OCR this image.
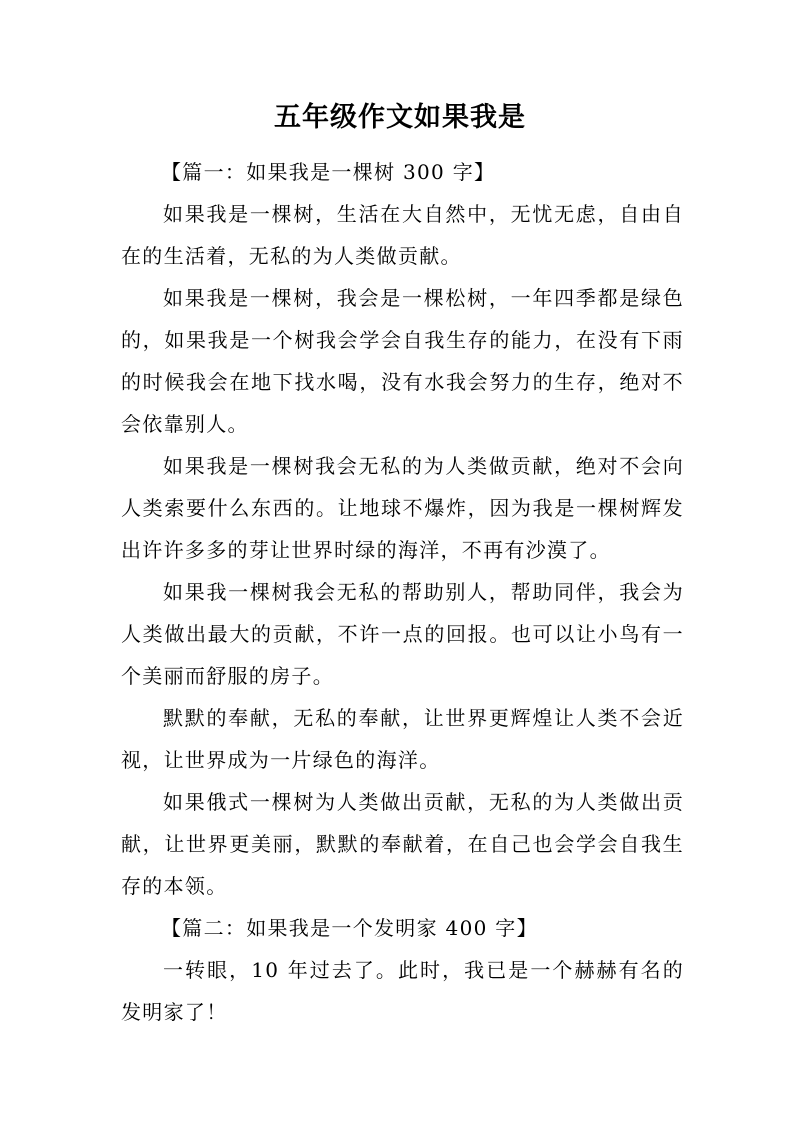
五年级作文如果我是

【篇一：如果我是一棵树 300 字】

如果我是一棵树，生活在大自然中，无忧无虑，自由自在的生活着，无私的为人类做贡献。

如果我是一棵树，我会是一棵松树，一年四季都是绿色的，如果我是一个树我会学会自我生存的能力，在没有下雨的时候我会在地下找水喝，没有水我会努力的生存，绝对不会依靠别人。

如果我是一棵树我会无私的为人类做贡献，绝对不会向人类索要什么东西的。让地球不爆炸，因为我是一棵树辉发出许许多多的芽让世界时绿的海洋，不再有沙漠了。

如果我一棵树我会无私的帮助别人，帮助同伴，我会为人类做出最大的贡献，不许一点的回报。也可以让小鸟有一个美丽而舒服的房子。

默默的奉献，无私的奉献，让世界更辉煌让人类不会近视，让世界成为一片绿色的海洋。

如果俄式一棵树为人类做出贡献，无私的为人类做出贡献，让世界更美丽，默默的奉献着，在自己也会学会自我生存的本领。

【篇二：如果我是一个发明家 400 字】

一转眼，10 年过去了。此时，我已是一个赫赫有名的发明家了！
